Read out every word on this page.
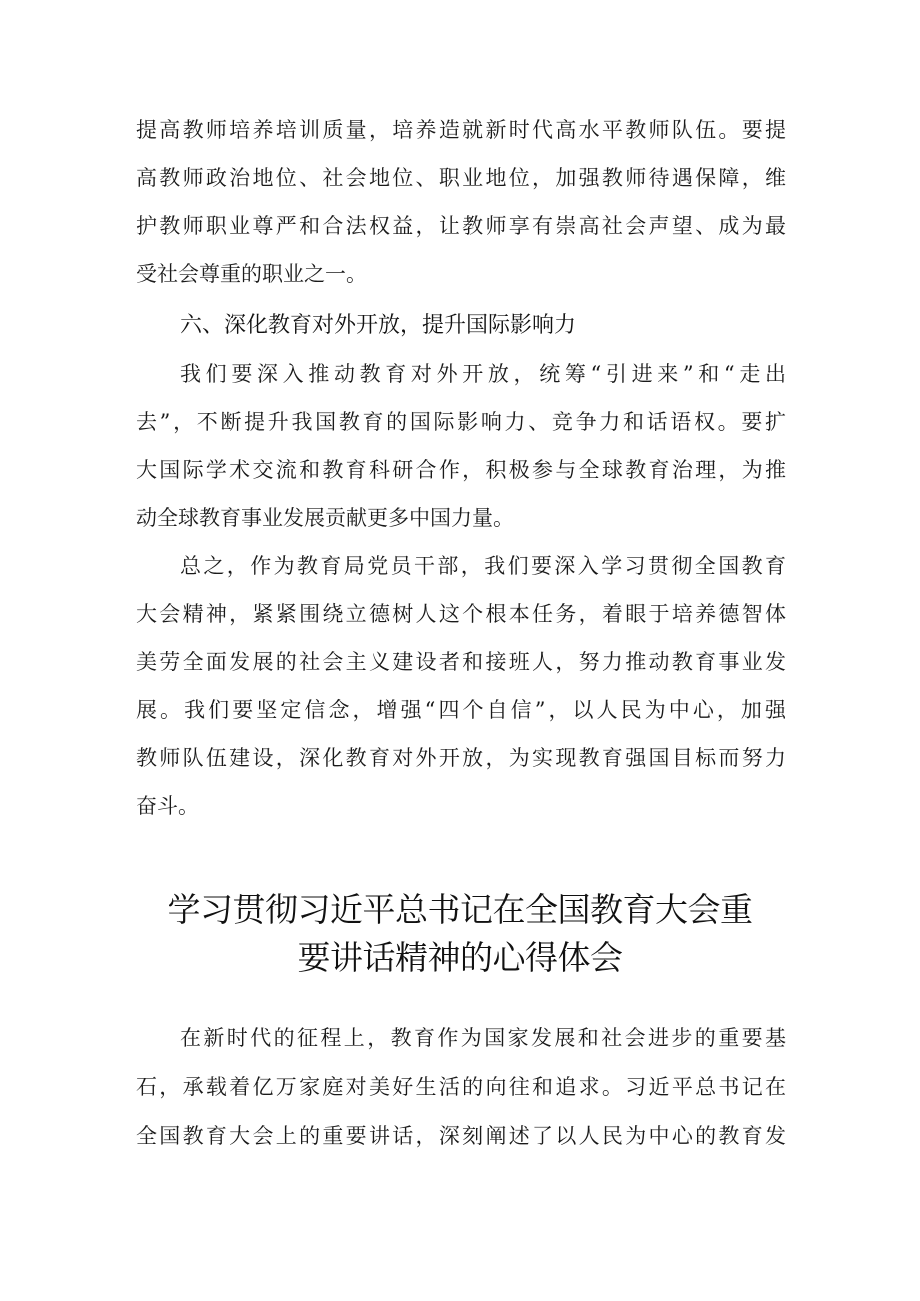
提高教师培养培训质量，培养造就新时代高水平教师队伍。要提
高教师政治地位、社会地位、职业地位，加强教师待遇保障，维
护教师职业尊严和合法权益，让教师享有崇高社会声望、成为最
受社会尊重的职业之一。
六、深化教育对外开放，提升国际影响力
我们要深入推动教育对外开放，统筹“引进来”和“走出
去”，不断提升我国教育的国际影响力、竞争力和话语权。要扩
大国际学术交流和教育科研合作，积极参与全球教育治理，为推
动全球教育事业发展贡献更多中国力量。
总之，作为教育局党员干部，我们要深入学习贯彻全国教育
大会精神，紧紧围绕立德树人这个根本任务，着眼于培养德智体
美劳全面发展的社会主义建设者和接班人，努力推动教育事业发
展。我们要坚定信念，增强“四个自信”，以人民为中心，加强
教师队伍建设，深化教育对外开放，为实现教育强国目标而努力
奋斗。
学习贯彻习近平总书记在全国教育大会重
要讲话精神的心得体会
在新时代的征程上，教育作为国家发展和社会进步的重要基
石，承载着亿万家庭对美好生活的向往和追求。习近平总书记在
全国教育大会上的重要讲话，深刻阐述了以人民为中心的教育发
